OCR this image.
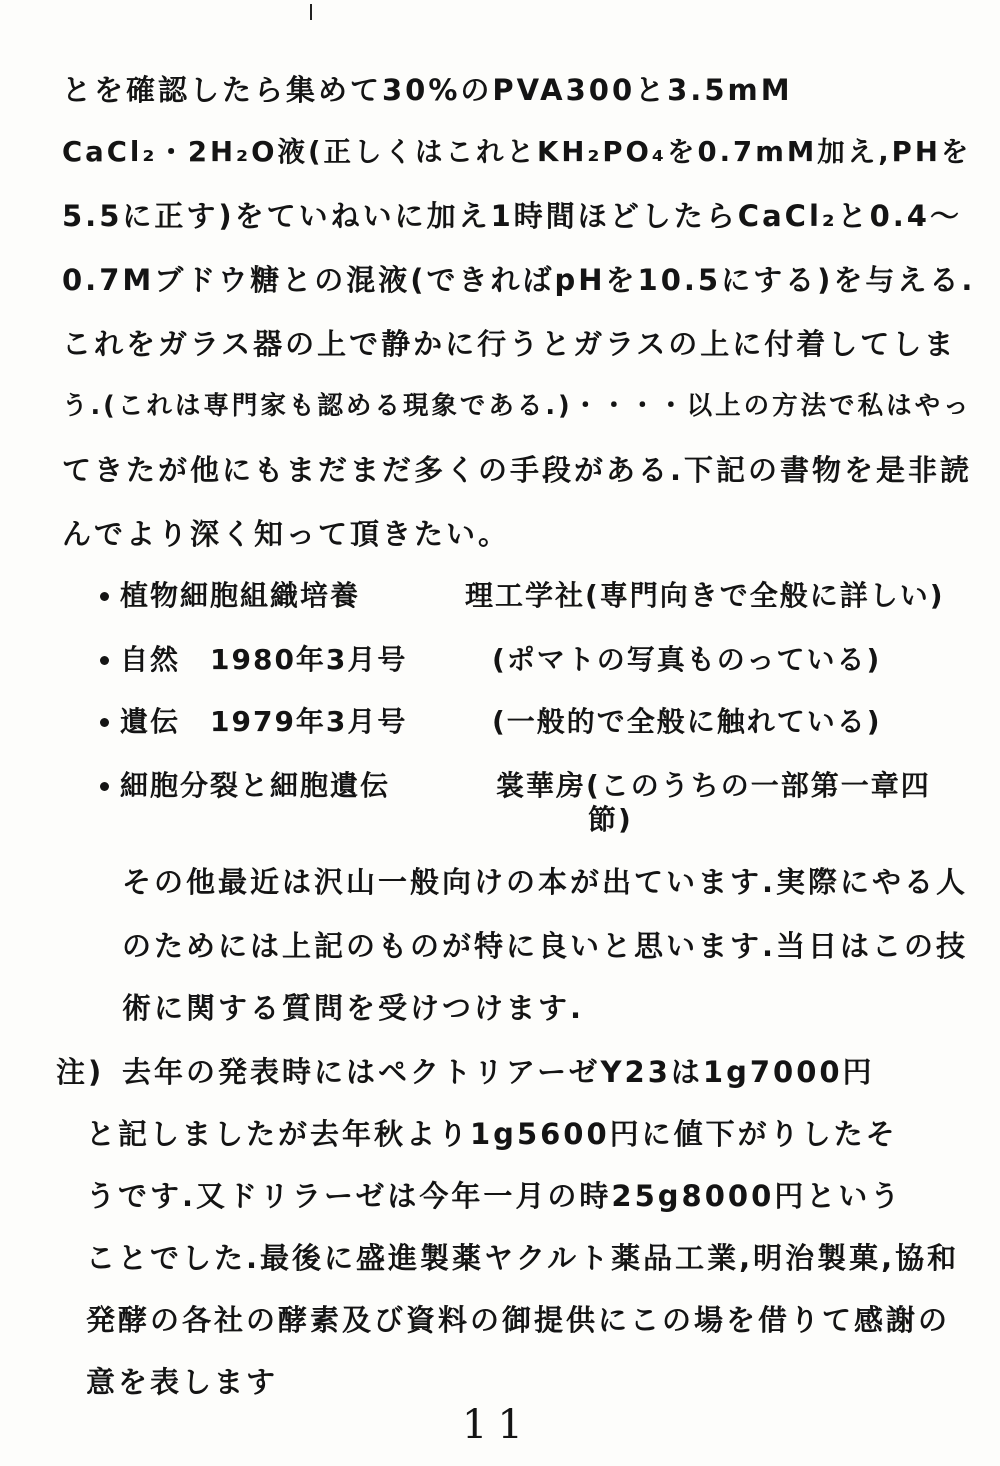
とを確認したら集めて30%のPVA300と3.5mM
CaCl₂・2H₂O液(正しくはこれとKH₂PO₄を0.7mM加え,PHを
5.5に正す)をていねいに加え1時間ほどしたらCaCl₂と0.4〜
0.7Mブドウ糖との混液(できればpHを10.5にする)を与える.
これをガラス器の上で静かに行うとガラスの上に付着してしま
う.(これは専門家も認める現象である.)・・・・以上の方法で私はやっ
てきたが他にもまだまだ多くの手段がある.下記の書物を是非読
んでより深く知って頂きたい。
植物細胞組織培養	理工学社(専門向きで全般に詳しい)
自然　1980年3月号	(ポマトの写真ものっている)
遺伝　1979年3月号	(一般的で全般に触れている)
細胞分裂と細胞遺伝	裳華房(このうちの一部第一章四
節)
その他最近は沢山一般向けの本が出ています.実際にやる人
のためには上記のものが特に良いと思います.当日はこの技
術に関する質問を受けつけます.
注) 去年の発表時にはペクトリアーゼY23は1g7000円
と記しましたが去年秋より1g5600円に値下がりしたそ
うです.又ドリラーゼは今年一月の時25g8000円という
ことでした.最後に盛進製薬ヤクルト薬品工業,明治製菓,協和
発酵の各社の酵素及び資料の御提供にこの場を借りて感謝の
意を表します
11
